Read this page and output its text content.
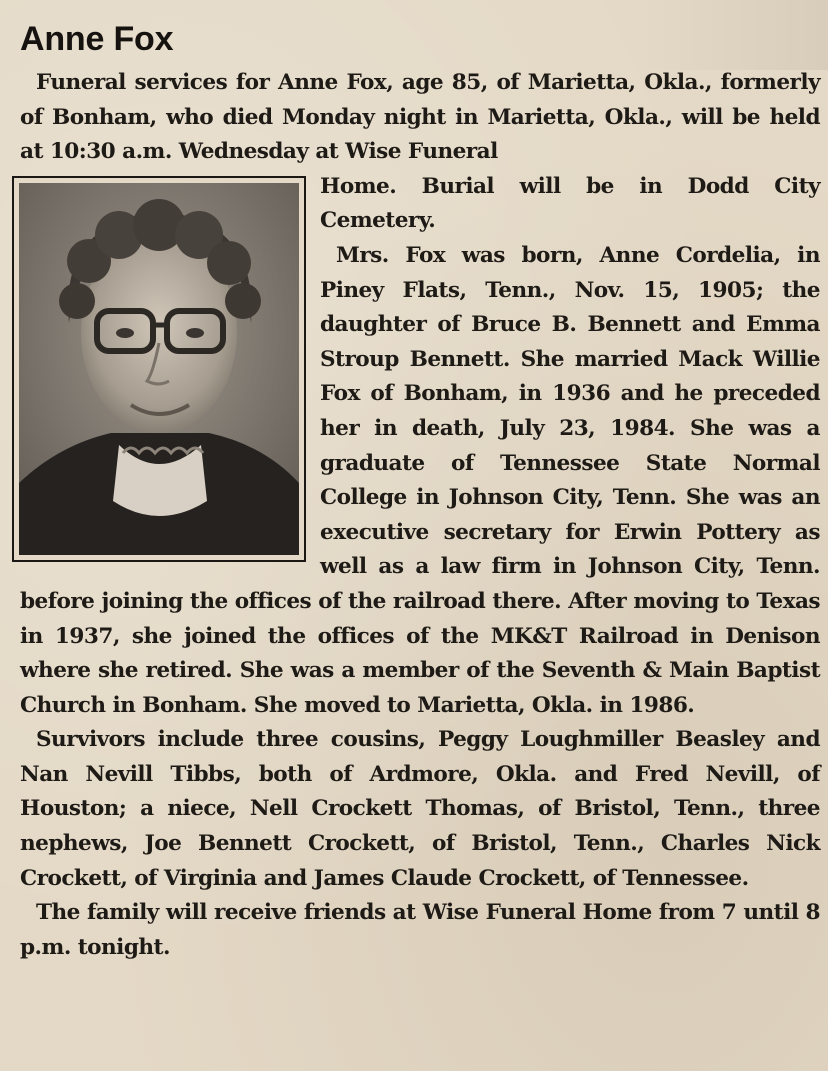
Anne Fox

Funeral services for Anne Fox, age 85, of Marietta, Okla., formerly of Bonham, who died Monday night in Marietta, Okla., will be held at 10:30 a.m. Wednesday at Wise Funeral

Home. Burial will be in Dodd City Cemetery.

Mrs. Fox was born, Anne Cordelia, in Piney Flats, Tenn., Nov. 15, 1905; the daughter of Bruce B. Bennett and Emma Stroup Bennett. She married Mack Willie Fox of Bonham, in 1936 and he preceded her in death, July 23, 1984. She was a graduate of Tennessee State Normal College in Johnson City, Tenn. She was an executive secretary for Erwin Pottery as well as a law firm in Johnson City, Tenn. before joining the offices of the railroad there. After moving to Texas in 1937, she joined the offices of the MK&T Railroad in Denison where she retired. She was a member of the Seventh & Main Baptist Church in Bonham. She moved to Marietta, Okla. in 1986.

Survivors include three cousins, Peggy Loughmiller Beasley and Nan Nevill Tibbs, both of Ardmore, Okla. and Fred Nevill, of Houston; a niece, Nell Crockett Thomas, of Bristol, Tenn., three nephews, Joe Bennett Crockett, of Bristol, Tenn., Charles Nick Crockett, of Virginia and James Claude Crockett, of Tennessee.

The family will receive friends at Wise Funeral Home from 7 until 8 p.m. tonight.
